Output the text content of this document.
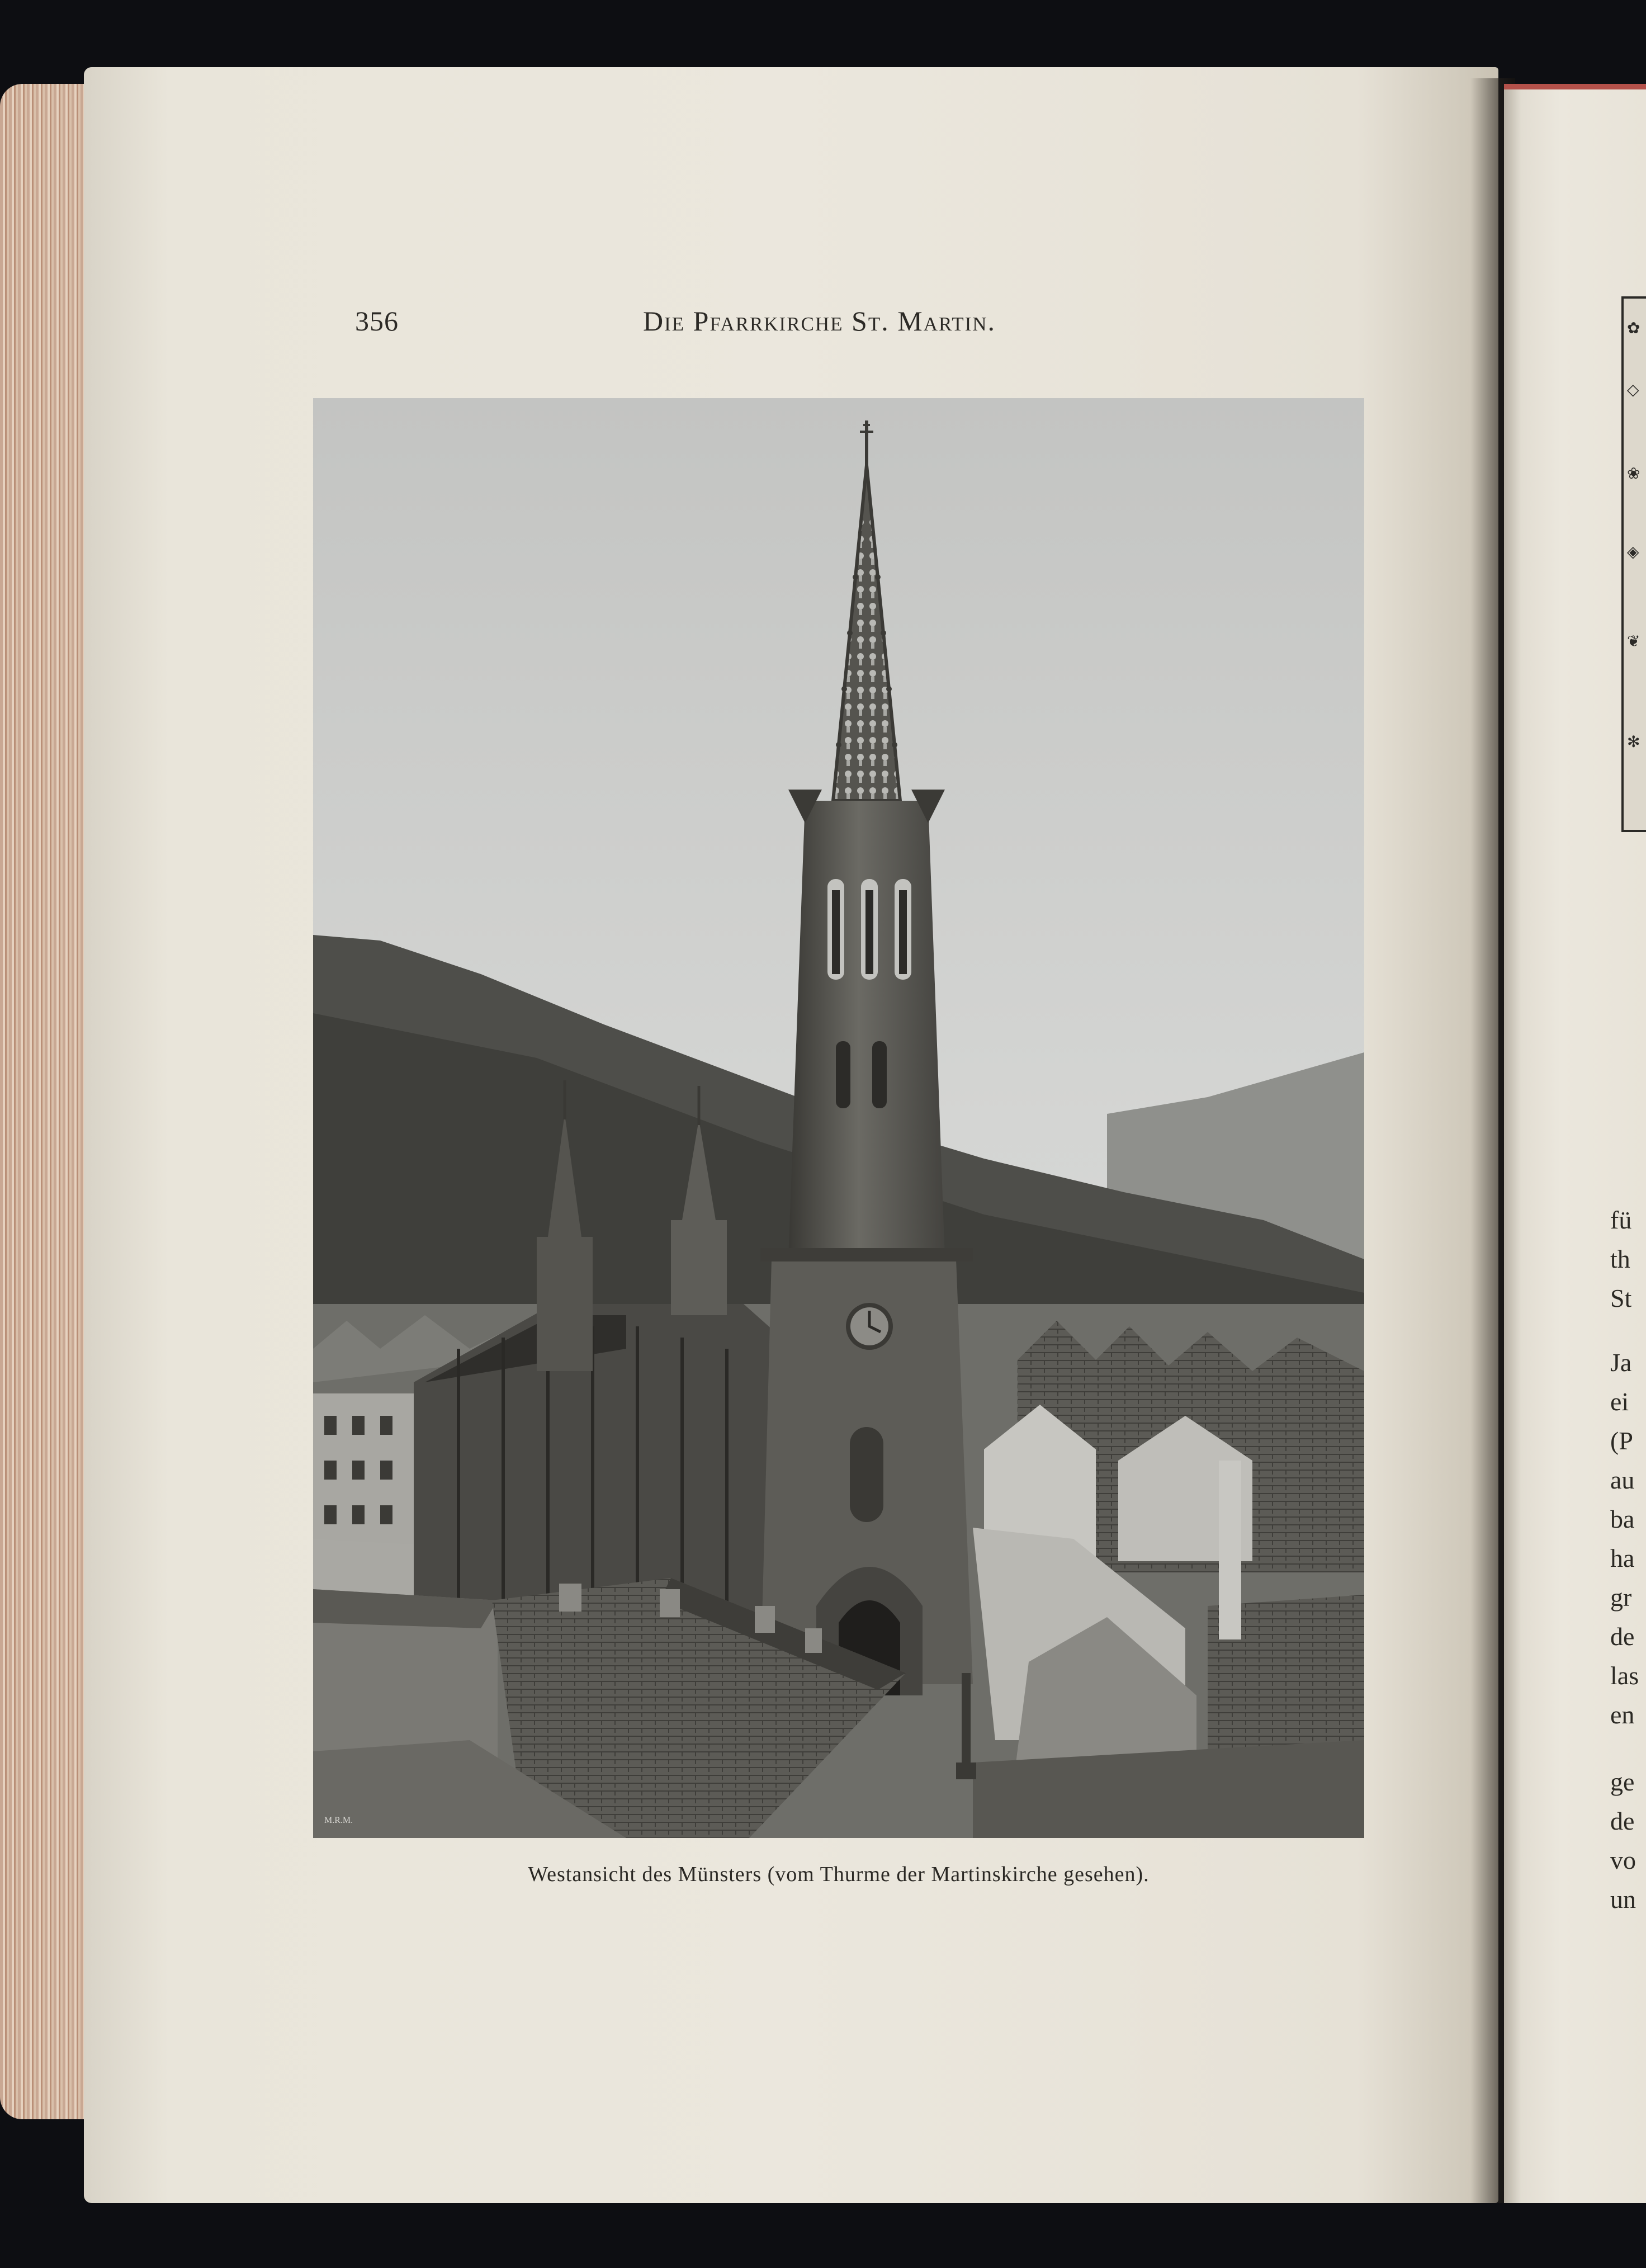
356	Die Pfarrkirche St. Martin.
M.R.M.
Westansicht des Münsters (vom Thurme der Martinskirche gesehen).
✿
◇
❀
◈
❦
✻
fü
th
St
Ja
ei
(P
au
ba
ha
gr
de
las
en
ge
de
vo
un
